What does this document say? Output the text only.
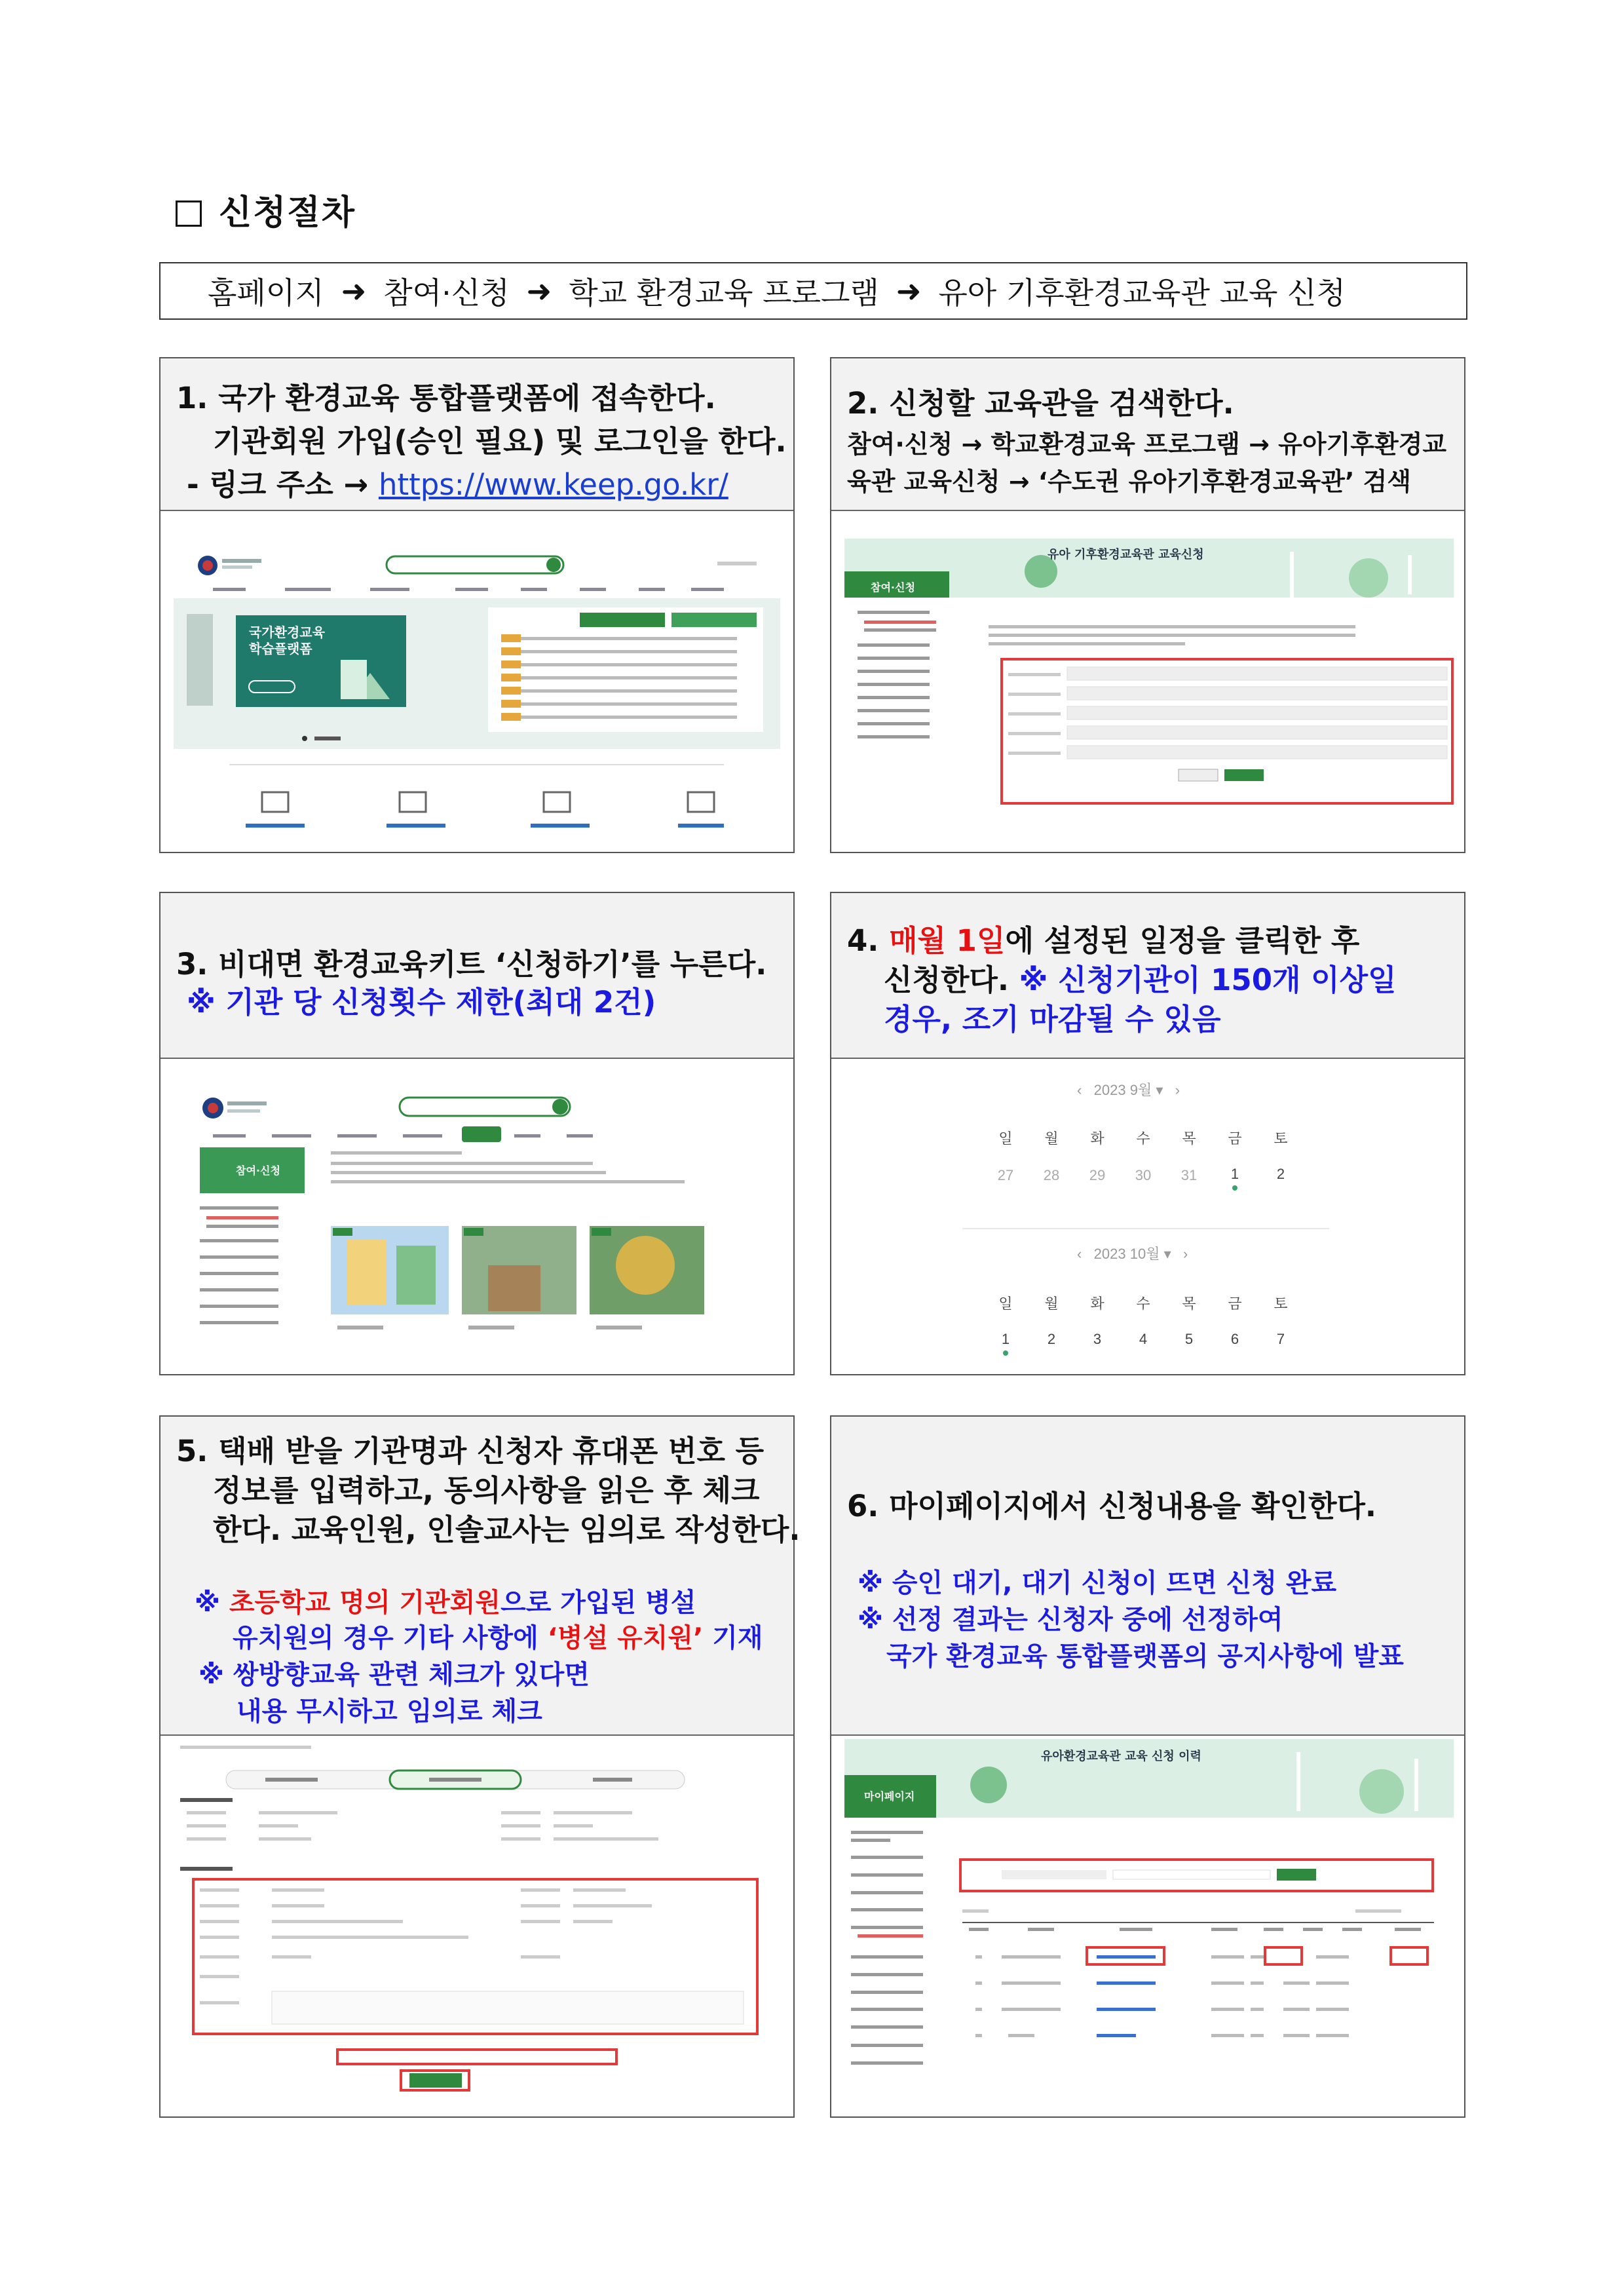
신청절차
홈페이지 ➜ 참여·신청 ➜ 학교 환경교육 프로그램 ➜ 유아 기후환경교육관 교육 신청
1. 국가 환경교육 통합플랫폼에 접속한다.
기관회원 가입(승인 필요) 및 로그인을 한다.
- 링크 주소 → https://www.keep.go.kr/
국가환경교육
학습플랫폼
2. 신청할 교육관을 검색한다.
참여·신청 → 학교환경교육 프로그램 → 유아기후환경교
육관 교육신청 → ‘수도권 유아기후환경교육관’ 검색
유아 기후환경교육관 교육신청
참여·신청
3. 비대면 환경교육키트 ‘신청하기’를 누른다.
※ 기관 당 신청횟수 제한(최대 2건)
참여·신청
4. 매월 1일에 설정된 일정을 클릭한 후
신청한다. ※ 신청기관이 150개 이상일
경우, 조기 마감될 수 있음
‹   2023 9월 ▾   ›
일	월	화	수	목	금	토
27	28	29	30	31	1	2
‹   2023 10월 ▾   ›
일	월	화	수	목	금	토
1	2	3	4	5	6	7
5. 택배 받을 기관명과 신청자 휴대폰 번호 등
정보를 입력하고, 동의사항을 읽은 후 체크
한다. 교육인원, 인솔교사는 임의로 작성한다.
※ 초등학교 명의 기관회원으로 가입된 병설
유치원의 경우 기타 사항에 ‘병설 유치원’ 기재
※ 쌍방향교육 관련 체크가 있다면
내용 무시하고 임의로 체크
6. 마이페이지에서 신청내용을 확인한다.
※ 승인 대기, 대기 신청이 뜨면 신청 완료
※ 선정 결과는 신청자 중에 선정하여
국가 환경교육 통합플랫폼의 공지사항에 발표
유아환경교육관 교육 신청 이력
마이페이지
